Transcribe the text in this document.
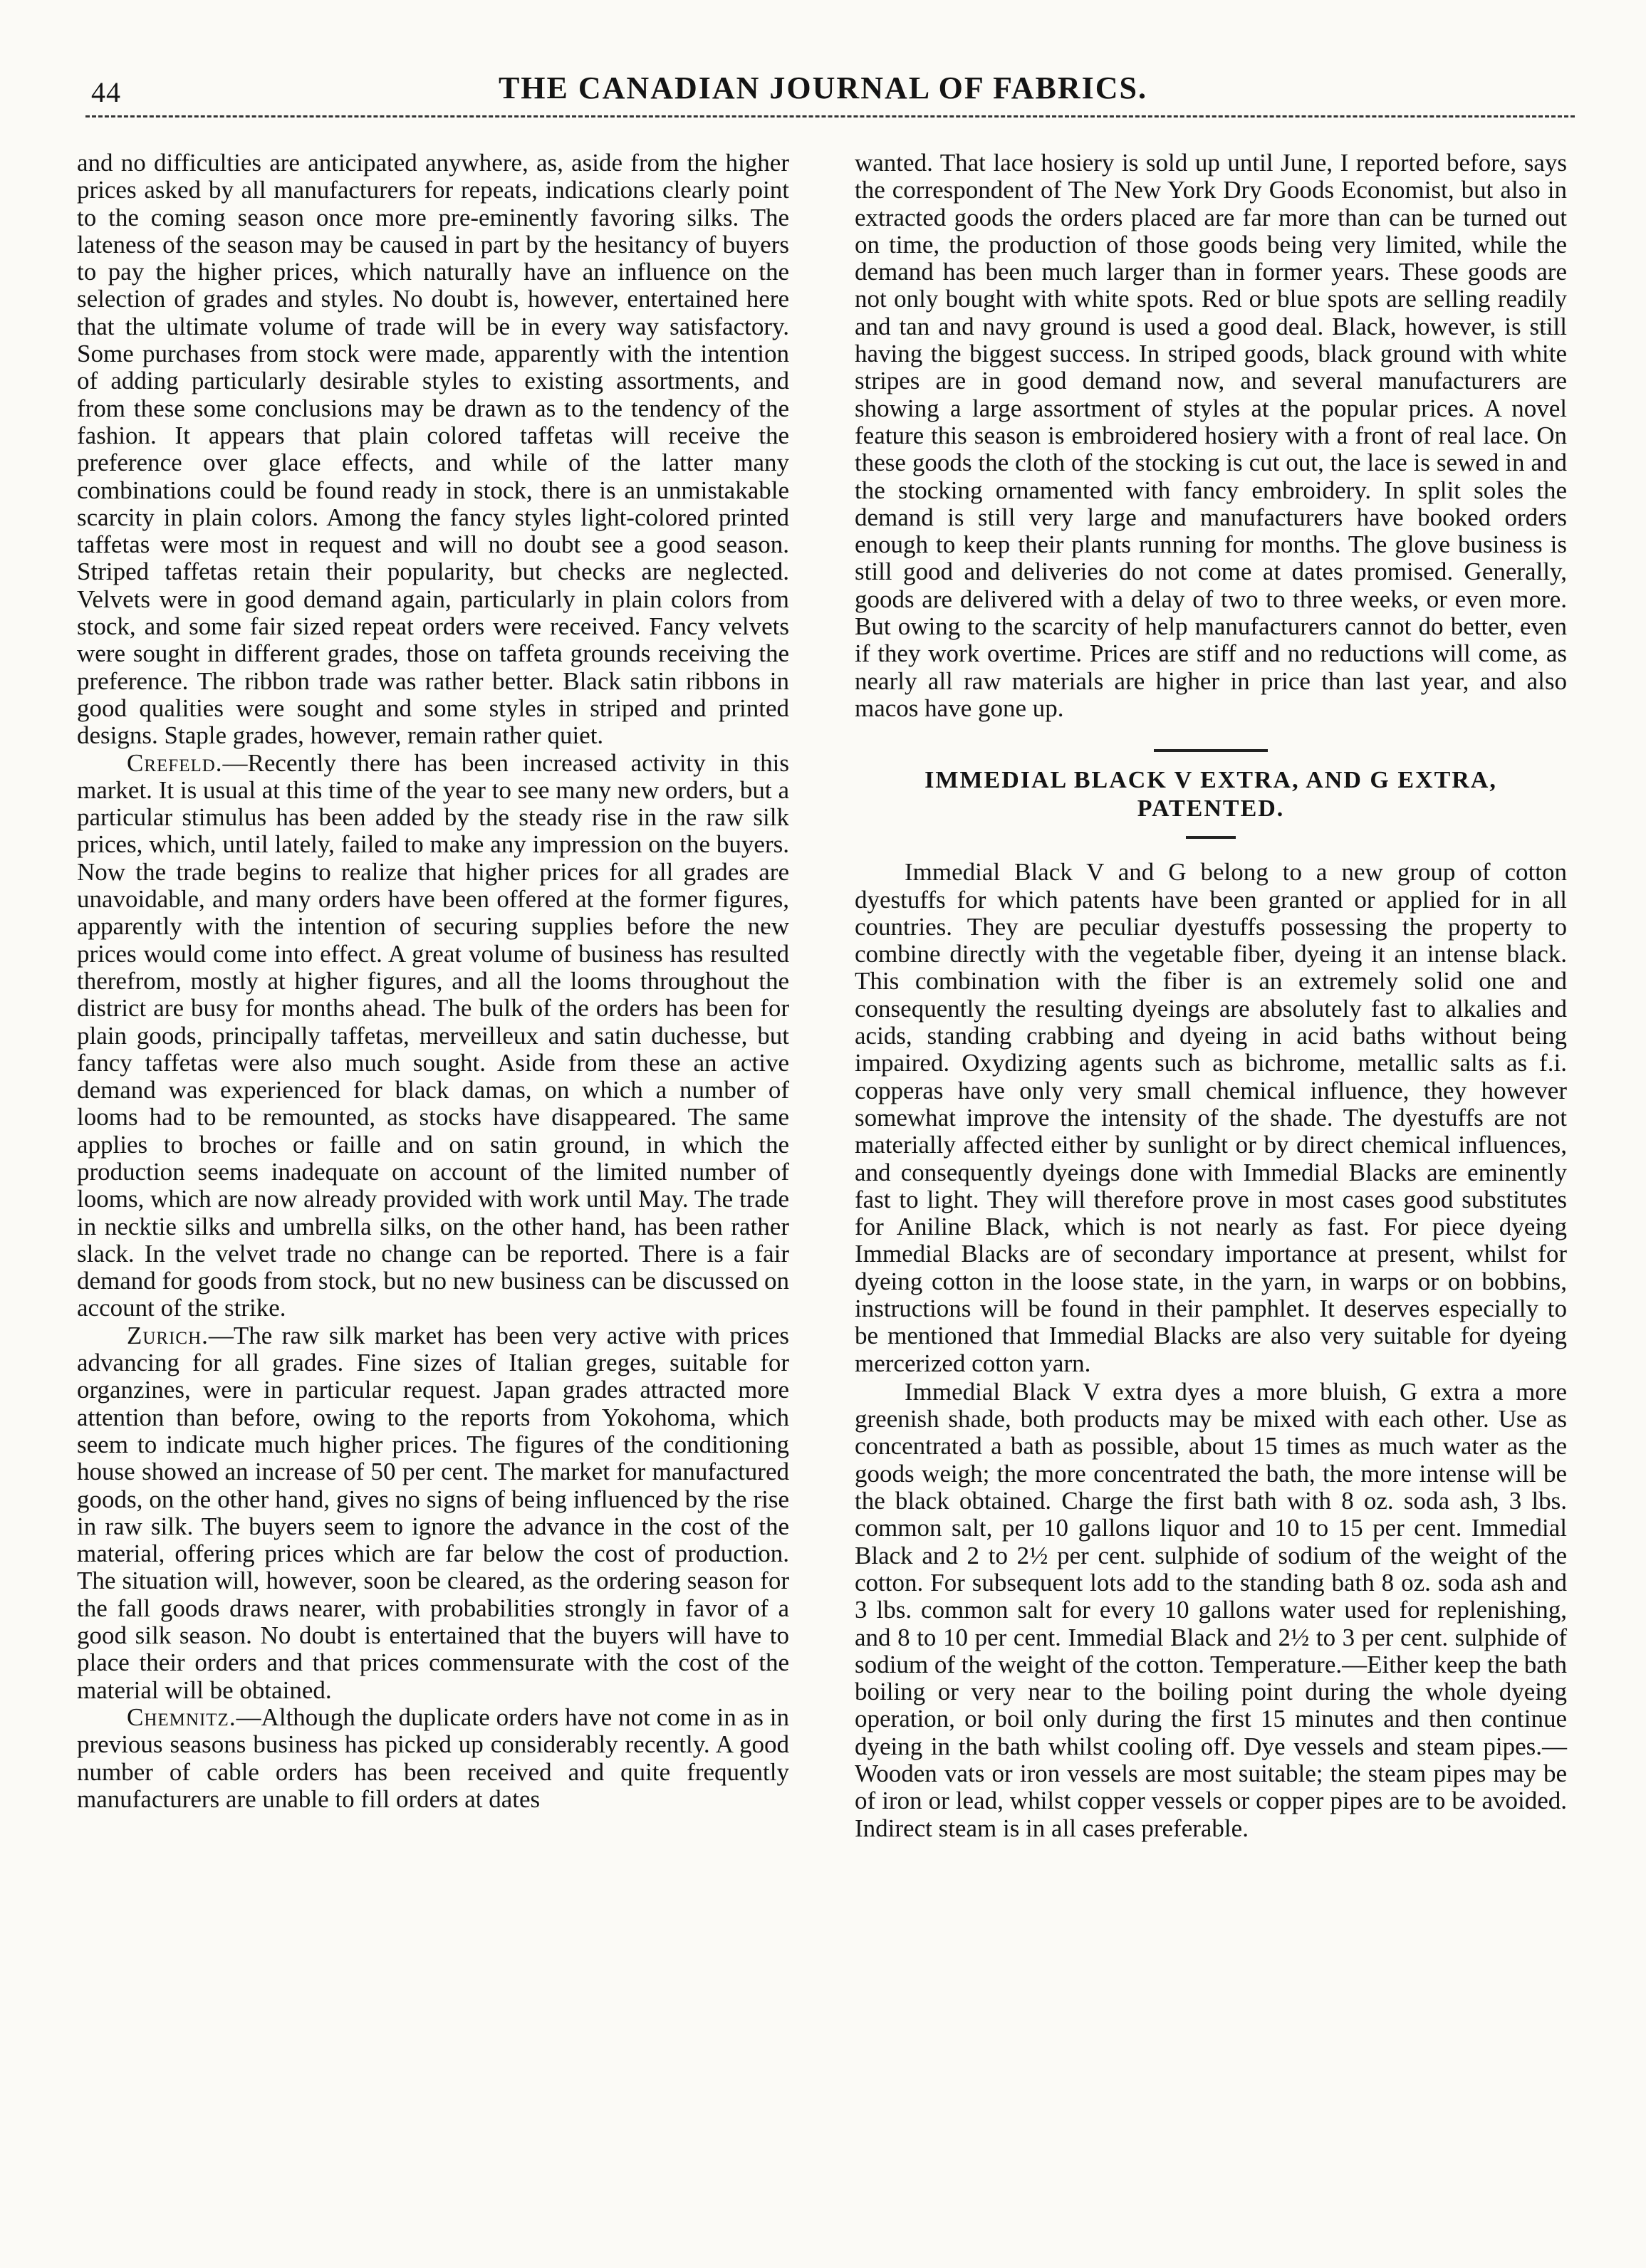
44	THE CANADIAN JOURNAL OF FABRICS.

and no difficulties are anticipated anywhere, as, aside from the higher prices asked by all manufacturers for repeats, indications clearly point to the coming season once more pre-eminently favoring silks. The lateness of the season may be caused in part by the hesitancy of buyers to pay the higher prices, which naturally have an influence on the selection of grades and styles. No doubt is, however, entertained here that the ultimate volume of trade will be in every way satisfactory. Some purchases from stock were made, apparently with the intention of adding particularly desirable styles to existing assortments, and from these some conclusions may be drawn as to the tendency of the fashion. It appears that plain colored taffetas will receive the preference over glace effects, and while of the latter many combinations could be found ready in stock, there is an unmistakable scarcity in plain colors. Among the fancy styles light-colored printed taffetas were most in request and will no doubt see a good season. Striped taffetas retain their popularity, but checks are neglected. Velvets were in good demand again, particularly in plain colors from stock, and some fair sized repeat orders were received. Fancy velvets were sought in different grades, those on taffeta grounds receiving the preference. The ribbon trade was rather better. Black satin ribbons in good qualities were sought and some styles in striped and printed designs. Staple grades, however, remain rather quiet.

Crefeld.—Recently there has been increased activity in this market. It is usual at this time of the year to see many new orders, but a particular stimulus has been added by the steady rise in the raw silk prices, which, until lately, failed to make any impression on the buyers. Now the trade begins to realize that higher prices for all grades are unavoidable, and many orders have been offered at the former figures, apparently with the intention of securing supplies before the new prices would come into effect. A great volume of business has resulted therefrom, mostly at higher figures, and all the looms throughout the district are busy for months ahead. The bulk of the orders has been for plain goods, principally taffetas, merveilleux and satin duchesse, but fancy taffetas were also much sought. Aside from these an active demand was experienced for black damas, on which a number of looms had to be remounted, as stocks have disappeared. The same applies to broches or faille and on satin ground, in which the production seems inadequate on account of the limited number of looms, which are now already provided with work until May. The trade in necktie silks and umbrella silks, on the other hand, has been rather slack. In the velvet trade no change can be reported. There is a fair demand for goods from stock, but no new business can be discussed on account of the strike.

Zurich.—The raw silk market has been very active with prices advancing for all grades. Fine sizes of Italian greges, suitable for organzines, were in particular request. Japan grades attracted more attention than before, owing to the reports from Yokohoma, which seem to indicate much higher prices. The figures of the conditioning house showed an increase of 50 per cent. The market for manufactured goods, on the other hand, gives no signs of being influenced by the rise in raw silk. The buyers seem to ignore the advance in the cost of the material, offering prices which are far below the cost of production. The situation will, however, soon be cleared, as the ordering season for the fall goods draws nearer, with probabilities strongly in favor of a good silk season. No doubt is entertained that the buyers will have to place their orders and that prices commensurate with the cost of the material will be obtained.

Chemnitz.—Although the duplicate orders have not come in as in previous seasons business has picked up considerably recently. A good number of cable orders has been received and quite frequently manufacturers are unable to fill orders at dates

wanted. That lace hosiery is sold up until June, I reported before, says the correspondent of The New York Dry Goods Economist, but also in extracted goods the orders placed are far more than can be turned out on time, the production of those goods being very limited, while the demand has been much larger than in former years. These goods are not only bought with white spots. Red or blue spots are selling readily and tan and navy ground is used a good deal. Black, however, is still having the biggest success. In striped goods, black ground with white stripes are in good demand now, and several manufacturers are showing a large assortment of styles at the popular prices. A novel feature this season is embroidered hosiery with a front of real lace. On these goods the cloth of the stocking is cut out, the lace is sewed in and the stocking ornamented with fancy embroidery. In split soles the demand is still very large and manufacturers have booked orders enough to keep their plants running for months. The glove business is still good and deliveries do not come at dates promised. Generally, goods are delivered with a delay of two to three weeks, or even more. But owing to the scarcity of help manufacturers cannot do better, even if they work overtime. Prices are stiff and no reductions will come, as nearly all raw materials are higher in price than last year, and also macos have gone up.

IMMEDIAL BLACK V EXTRA, AND G EXTRA, PATENTED.

Immedial Black V and G belong to a new group of cotton dyestuffs for which patents have been granted or applied for in all countries. They are peculiar dyestuffs possessing the property to combine directly with the vegetable fiber, dyeing it an intense black. This combination with the fiber is an extremely solid one and consequently the resulting dyeings are absolutely fast to alkalies and acids, standing crabbing and dyeing in acid baths without being impaired. Oxydizing agents such as bichrome, metallic salts as f.i. copperas have only very small chemical influence, they however somewhat improve the intensity of the shade. The dyestuffs are not materially affected either by sunlight or by direct chemical influences, and consequently dyeings done with Immedial Blacks are eminently fast to light. They will therefore prove in most cases good substitutes for Aniline Black, which is not nearly as fast. For piece dyeing Immedial Blacks are of secondary importance at present, whilst for dyeing cotton in the loose state, in the yarn, in warps or on bobbins, instructions will be found in their pamphlet. It deserves especially to be mentioned that Immedial Blacks are also very suitable for dyeing mercerized cotton yarn.

Immedial Black V extra dyes a more bluish, G extra a more greenish shade, both products may be mixed with each other. Use as concentrated a bath as possible, about 15 times as much water as the goods weigh; the more concentrated the bath, the more intense will be the black obtained. Charge the first bath with 8 oz. soda ash, 3 lbs. common salt, per 10 gallons liquor and 10 to 15 per cent. Immedial Black and 2 to 2½ per cent. sulphide of sodium of the weight of the cotton. For subsequent lots add to the standing bath 8 oz. soda ash and 3 lbs. common salt for every 10 gallons water used for replenishing, and 8 to 10 per cent. Immedial Black and 2½ to 3 per cent. sulphide of sodium of the weight of the cotton. Temperature.—Either keep the bath boiling or very near to the boiling point during the whole dyeing operation, or boil only during the first 15 minutes and then continue dyeing in the bath whilst cooling off. Dye vessels and steam pipes.—Wooden vats or iron vessels are most suitable; the steam pipes may be of iron or lead, whilst copper vessels or copper pipes are to be avoided. Indirect steam is in all cases preferable.
